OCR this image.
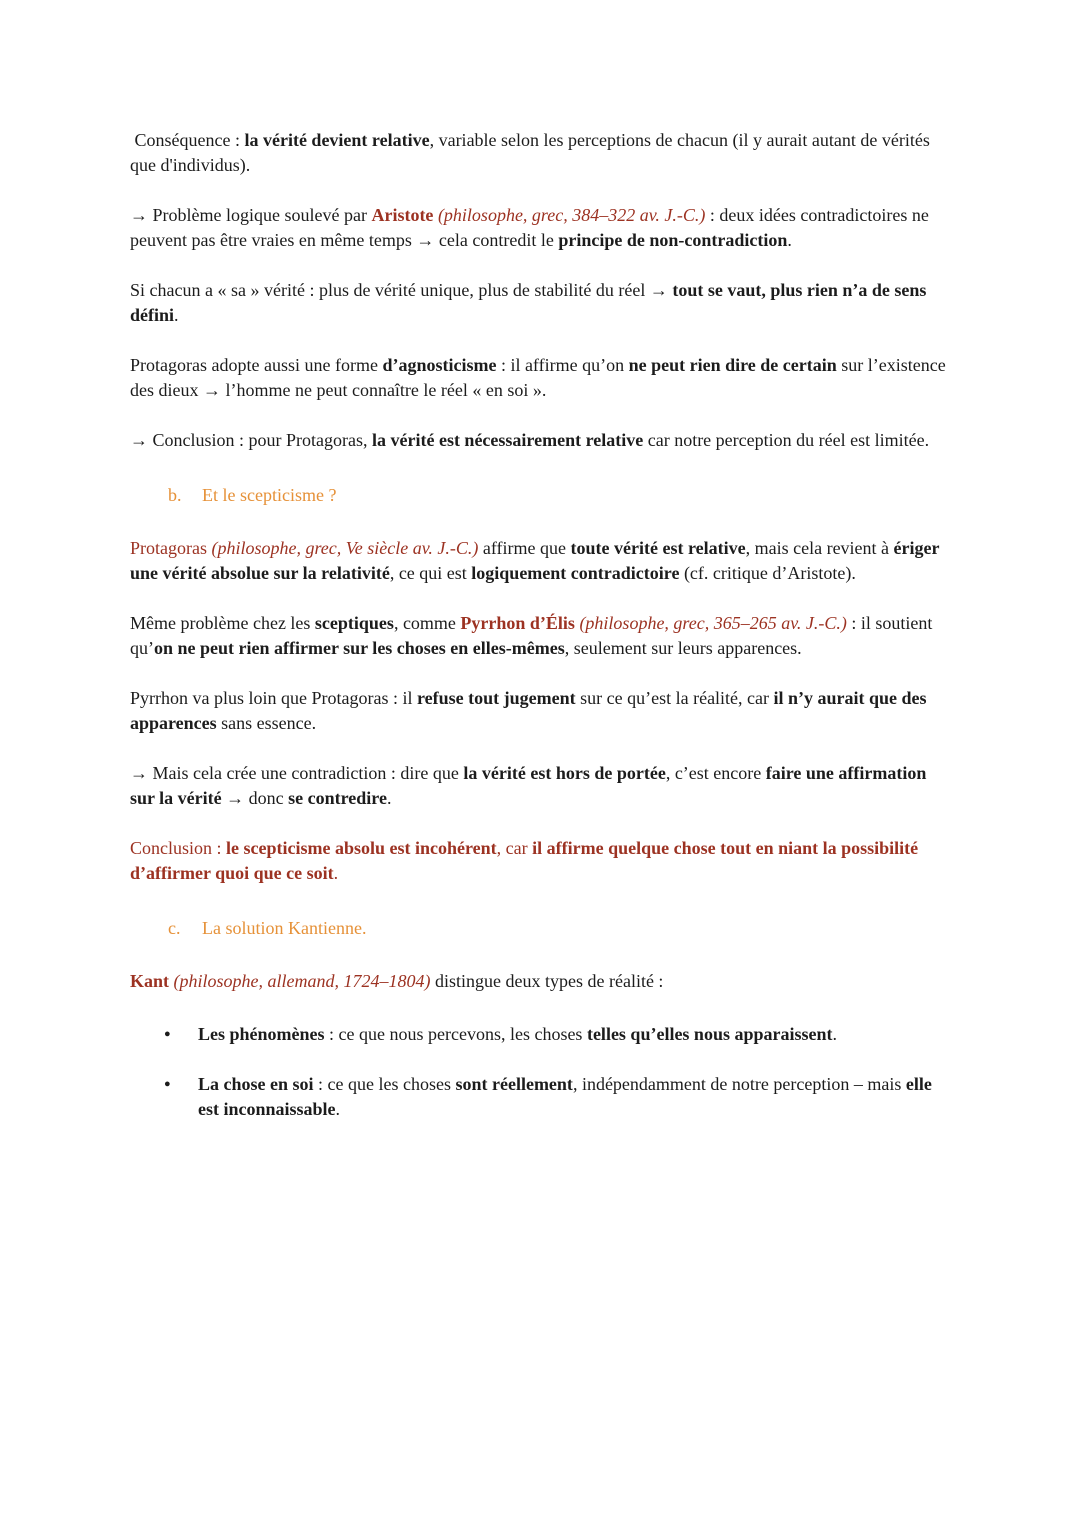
Conséquence : la vérité devient relative, variable selon les perceptions de chacun (il y aurait autant de vérités que d'individus).

→ Problème logique soulevé par Aristote (philosophe, grec, 384–322 av. J.-C.) : deux idées contradictoires ne peuvent pas être vraies en même temps → cela contredit le principe de non-contradiction.

Si chacun a « sa » vérité : plus de vérité unique, plus de stabilité du réel → tout se vaut, plus rien n’a de sens défini.

Protagoras adopte aussi une forme d’agnosticisme : il affirme qu’on ne peut rien dire de certain sur l’existence des dieux → l’homme ne peut connaître le réel « en soi ».

→ Conclusion : pour Protagoras, la vérité est nécessairement relative car notre perception du réel est limitée.

b.	Et le scepticisme ?

Protagoras (philosophe, grec, Ve siècle av. J.-C.) affirme que toute vérité est relative, mais cela revient à ériger une vérité absolue sur la relativité, ce qui est logiquement contradictoire (cf. critique d’Aristote).

Même problème chez les sceptiques, comme Pyrrhon d’Élis (philosophe, grec, 365–265 av. J.-C.) : il soutient qu’on ne peut rien affirmer sur les choses en elles-mêmes, seulement sur leurs apparences.

Pyrrhon va plus loin que Protagoras : il refuse tout jugement sur ce qu’est la réalité, car il n’y aurait que des apparences sans essence.

→ Mais cela crée une contradiction : dire que la vérité est hors de portée, c’est encore faire une affirmation sur la vérité → donc se contredire.

Conclusion : le scepticisme absolu est incohérent, car il affirme quelque chose tout en niant la possibilité d’affirmer quoi que ce soit.

c.	La solution Kantienne.

Kant (philosophe, allemand, 1724–1804) distingue deux types de réalité :

●	Les phénomènes : ce que nous percevons, les choses telles qu’elles nous apparaissent.
●	La chose en soi : ce que les choses sont réellement, indépendamment de notre perception – mais elle est inconnaissable.
